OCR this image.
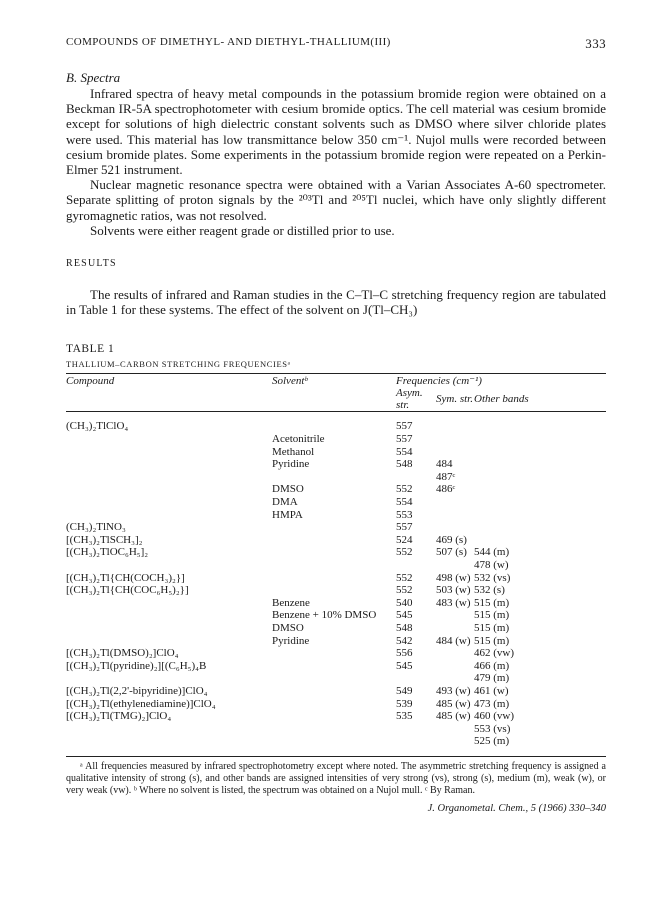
COMPOUNDS OF DIMETHYL- AND DIETHYL-THALLIUM(III)	333
B. Spectra

Infrared spectra of heavy metal compounds in the potassium bromide region were obtained on a Beckman IR-5A spectrophotometer with cesium bromide optics. The cell material was cesium bromide except for solutions of high dielectric constant solvents such as DMSO where silver chloride plates were used. This material has low transmittance below 350 cm⁻¹. Nujol mulls were recorded between cesium bromide plates. Some experiments in the potassium bromide region were repeated on a Perkin-Elmer 521 instrument.

Nuclear magnetic resonance spectra were obtained with a Varian Associates A-60 spectrometer. Separate splitting of proton signals by the ²⁰³Tl and ²⁰⁵Tl nuclei, which have only slightly different gyromagnetic ratios, was not resolved.

Solvents were either reagent grade or distilled prior to use.

RESULTS

The results of infrared and Raman studies in the C–Tl–C stretching frequency region are tabulated in Table 1 for these systems. The effect of the solvent on J(Tl–CH₃)

TABLE 1
THALLIUM–CARBON STRETCHING FREQUENCIESᵃ
Compound	Solventᵇ	Frequencies (cm⁻¹)		
		Asym. str.	Sym. str.	Other bands

(CH₃)₂TlClO₄		557		
	Acetonitrile	557		
	Methanol	554		
	Pyridine	548	484	
			487ᶜ	
	DMSO	552	486ᶜ	
	DMA	554		
	HMPA	553		
(CH₃)₂TlNO₃		557		
[(CH₃)₂TlSCH₃]₂		524	469 (s)	
[(CH₃)₂TlOC₆H₅]₂		552	507 (s)	544 (m)
				478 (w)
[(CH₃)₂Tl{CH(COCH₃)₂}]		552	498 (w)	532 (vs)
[(CH₃)₂Tl{CH(COC₆H₅)₂}]		552	503 (w)	532 (s)
	Benzene	540	483 (w)	515 (m)
	Benzene + 10% DMSO	545		515 (m)
	DMSO	548		515 (m)
	Pyridine	542	484 (w)	515 (m)
[(CH₃)₂Tl(DMSO)₂]ClO₄		556		462 (vw)
[(CH₃)₂Tl(pyridine)₂][(C₆H₅)₄B		545		466 (m)
				479 (m)
[(CH₃)₂Tl(2,2'-bipyridine)]ClO₄		549	493 (w)	461 (w)
[(CH₃)₂Tl(ethylenediamine)]ClO₄		539	485 (w)	473 (m)
[(CH₃)₂Tl(TMG)₂]ClO₄		535	485 (w)	460 (vw)
				553 (vs)
				525 (m)

ᵃ All frequencies measured by infrared spectrophotometry except where noted. The asymmetric stretching frequency is assigned a qualitative intensity of strong (s), and other bands are assigned intensities of very strong (vs), strong (s), medium (m), weak (w), or very weak (vw). ᵇ Where no solvent is listed, the spectrum was obtained on a Nujol mull. ᶜ By Raman.
J. Organometal. Chem., 5 (1966) 330–340
